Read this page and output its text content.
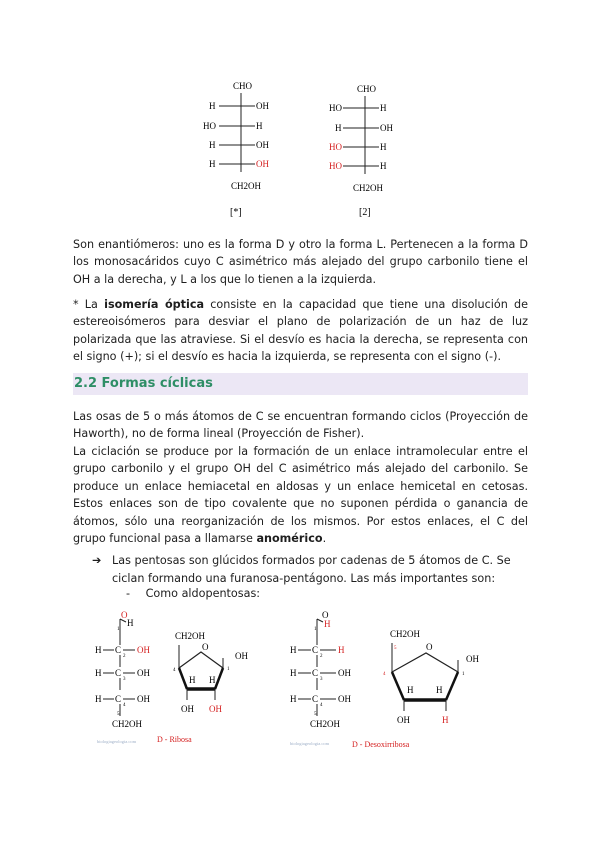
CHO
H	OH
HO	H
H	OH
H	OH
CH2OH
[*]
CHO
HO	H
H	OH
HO	H
HO	H
CH2OH
[2]
Son enantiómeros: uno es la forma D y otro la forma L. Pertenecen a la forma D los monosacáridos cuyo C asimétrico más alejado del grupo carbonilo tiene el OH a la derecha, y L a los que lo tienen a la izquierda.
* La isomería óptica consiste en la capacidad que tiene una disolución de estereoisómeros para desviar el plano de polarización de un haz de luz polarizada que las atraviese. Si el desvío es hacia la derecha, se representa con el signo (+); si el desvío es hacia la izquierda, se representa con el signo (-).
2.2 Formas cíclicas
Las osas de 5 o más átomos de C se encuentran formando ciclos (Proyección de Haworth), no de forma lineal (Proyección de Fisher).
La ciclación se produce por la formación de un enlace intramolecular entre el grupo carbonilo y el grupo OH del C asimétrico más alejado del carbonilo. Se produce un enlace hemiacetal en aldosas y un enlace hemicetal en cetosas. Estos enlaces son de tipo covalente que no suponen pérdida o ganancia de átomos, sólo una reorganización de los mismos. Por estos enlaces, el C del grupo funcional pasa a llamarse anomérico.
➔ Las pentosas son glúcidos formados por cadenas de 5 átomos de C. Se ciclan formando una furanosa-pentágono. Las más importantes son:
- Como aldopentosas:
O
H
1
H C OH
2
H C OH
3
H C OH
4
5
CH2OH
biologiageologia.com
CH2OH
O
OH
1
4
H H
OH OH
D - Ribosa
O
H
1
H C H
2
H C OH
3
H C OH
4
5
CH2OH
biologiageologia.com
CH2OH
O
OH
1
4
5
H	H
OH	H
D - Desoxirribosa
